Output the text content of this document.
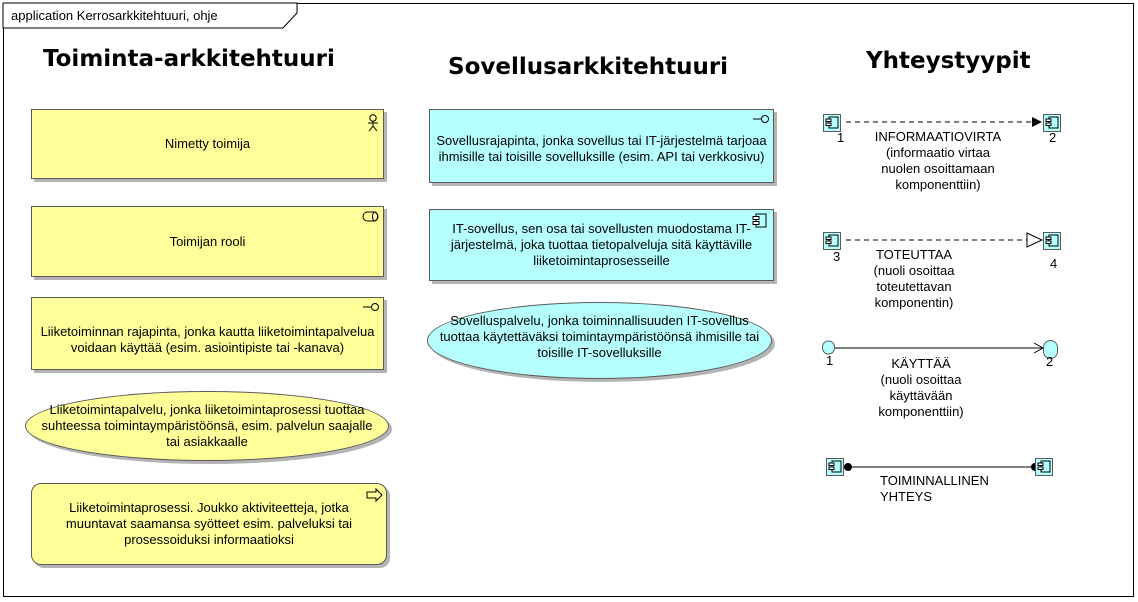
application Kerrosarkkitehtuuri, ohje
Toiminta-arkkitehtuuri	Sovellusarkkitehtuuri	Yhteystyypit
Nimetty toimija
Toimijan rooli
Liiketoiminnan rajapinta, jonka kautta liiketoimintapalvelua voidaan käyttää (esim. asiointipiste tai -kanava)
Liiketoimintapalvelu, jonka liiketoimintaprosessi tuottaa suhteessa toimintaympäristöönsä, esim. palvelun saajalle tai asiakkaalle
Liiketoimintaprosessi. Joukko aktiviteetteja, jotka muuntavat saamansa syötteet esim. palveluksi tai prosessoiduksi informaatioksi
Sovellusrajapinta, jonka sovellus tai IT-järjestelmä tarjoaa ihmisille tai toisille sovelluksille (esim. API tai verkkosivu)
IT-sovellus, sen osa tai sovellusten muodostama IT-järjestelmä, joka tuottaa tietopalveluja sitä käyttäville liiketoimintaprosesseille
Sovelluspalvelu, jonka toiminnallisuuden IT-sovellus tuottaa käytettäväksi toimintaympäristöönsä ihmisille tai toisille IT-sovelluksille
1	2
3	4
1	2
INFORMAATIOVIRTA
(informaatio virtaa nuolen osoittamaan komponenttiin)
TOTEUTTAA
(nuoli osoittaa toteutettavan komponentin)
KÄYTTÄÄ
(nuoli osoittaa käyttävään komponenttiin)
TOIMINNALLINEN
YHTEYS
